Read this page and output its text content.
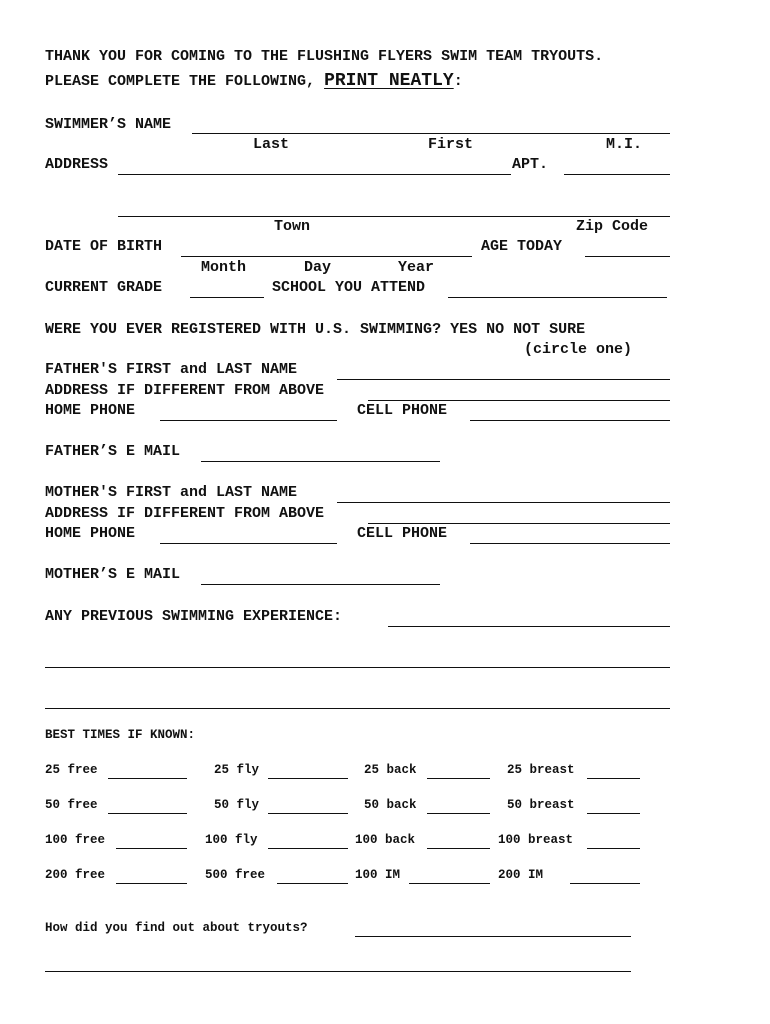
THANK YOU FOR COMING TO THE FLUSHING FLYERS SWIM TEAM TRYOUTS.
PLEASE COMPLETE THE FOLLOWING, PRINT NEATLY:
SWIMMER’S NAME
Last	First	M.I.
ADDRESS	APT.
Town	Zip Code
DATE OF BIRTH	AGE TODAY
Month	Day	Year
CURRENT GRADE	SCHOOL YOU ATTEND
WERE YOU EVER REGISTERED WITH U.S. SWIMMING? YES NO NOT SURE
(circle one)
FATHER'S FIRST and LAST NAME
ADDRESS IF DIFFERENT FROM ABOVE
HOME PHONE	CELL PHONE
FATHER’S E MAIL
MOTHER'S FIRST and LAST NAME
ADDRESS IF DIFFERENT FROM ABOVE
HOME PHONE	CELL PHONE
MOTHER’S E MAIL
ANY PREVIOUS SWIMMING EXPERIENCE:
BEST TIMES IF KNOWN:
25 free	25 fly	25 back	25 breast
50 free	50 fly	50 back	50 breast
100 free	100 fly	100 back	100 breast
200 free	500 free	100 IM	200 IM
How did you find out about tryouts?
